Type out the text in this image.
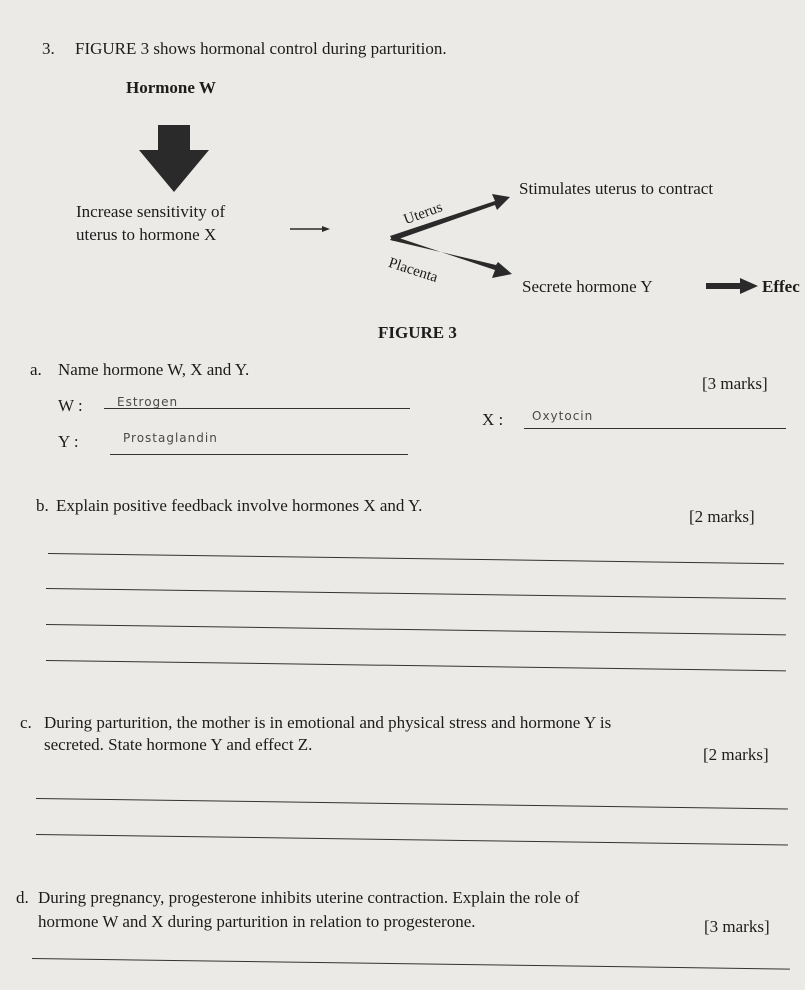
3. FIGURE 3 shows hormonal control during parturition.
Hormone W
Increase sensitivity of
uterus to hormone X
Uterus
Placenta
Stimulates uterus to contract
Secrete hormone Y	Effec
FIGURE 3
a. Name hormone W, X and Y.
[3 marks]
W :	Estrogen
X : Oxytocin
Y :	Prostaglandin
b. Explain positive feedback involve hormones X and Y.
[2 marks]
c. During parturition, the mother is in emotional and physical stress and hormone Y is
secreted. State hormone Y and effect Z.
[2 marks]
d. During pregnancy, progesterone inhibits uterine contraction. Explain the role of
hormone W and X during parturition in relation to progesterone.	[3 marks]
